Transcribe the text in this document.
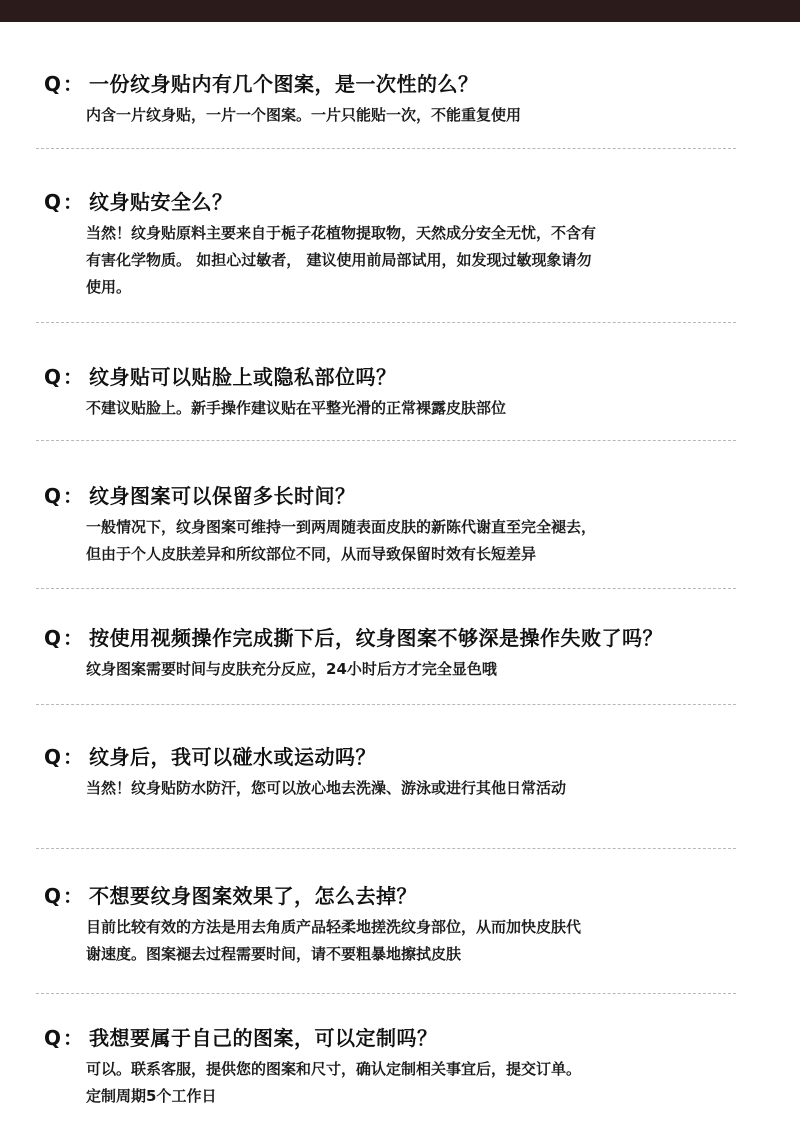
Q ： 一份纹身贴内有几个图案，是一次性的么？
内含一片纹身贴，一片一个图案。一片只能贴一次，不能重复使用
Q ： 纹身贴安全么？
当然！纹身贴原料主要来自于栀子花植物提取物，天然成分安全无忧，不含有
有害化学物质。 如担心过敏者， 建议使用前局部试用，如发现过敏现象请勿
使用。
Q ： 纹身贴可以贴脸上或隐私部位吗？
不建议贴脸上。新手操作建议贴在平整光滑的正常裸露皮肤部位
Q ： 纹身图案可以保留多长时间？
一般情况下，纹身图案可维持一到两周随表面皮肤的新陈代谢直至完全褪去，
但由于个人皮肤差异和所纹部位不同，从而导致保留时效有长短差异
Q ： 按使用视频操作完成撕下后，纹身图案不够深是操作失败了吗？
纹身图案需要时间与皮肤充分反应，24小时后方才完全显色哦
Q ： 纹身后，我可以碰水或运动吗？
当然！纹身贴防水防汗，您可以放心地去洗澡、游泳或进行其他日常活动
Q ： 不想要纹身图案效果了，怎么去掉？
目前比较有效的方法是用去角质产品轻柔地搓洗纹身部位，从而加快皮肤代
谢速度。图案褪去过程需要时间，请不要粗暴地擦拭皮肤
Q ： 我想要属于自己的图案，可以定制吗？
可以。联系客服，提供您的图案和尺寸，确认定制相关事宜后，提交订单。
定制周期5个工作日
